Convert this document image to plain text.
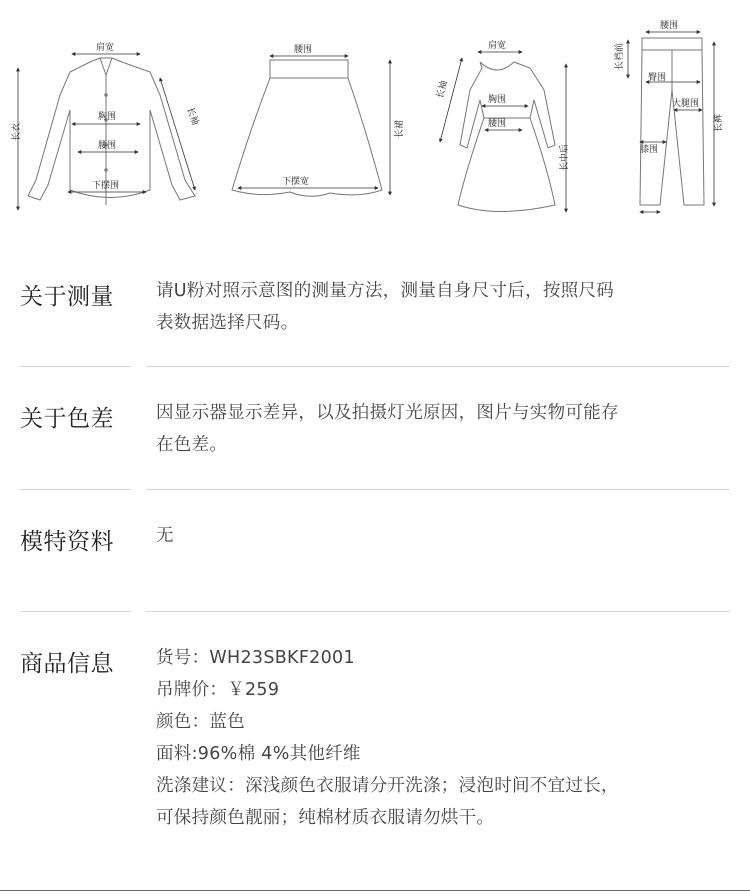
肩宽
胸围
腰围
下摆围
长衣
长袖
腰围
下摆宽
长裙
肩宽
胸围
腰围
长袖
长中后
腰围
长裆前
臀围
大腿围
膝围
长裤
关于测量 请U粉对照示意图的测量方法，测量自身尺寸后，按照尺码
表数据选择尺码。
关于色差 因显示器显示差异，以及拍摄灯光原因，图片与实物可能存
在色差。
模特资料 无
商品信息 货号：WH23SBKF2001
吊牌价：￥259
颜色：蓝色
面料:96%棉 4%其他纤维
洗涤建议：深浅颜色衣服请分开洗涤；浸泡时间不宜过长，
可保持颜色靓丽；纯棉材质衣服请勿烘干。
